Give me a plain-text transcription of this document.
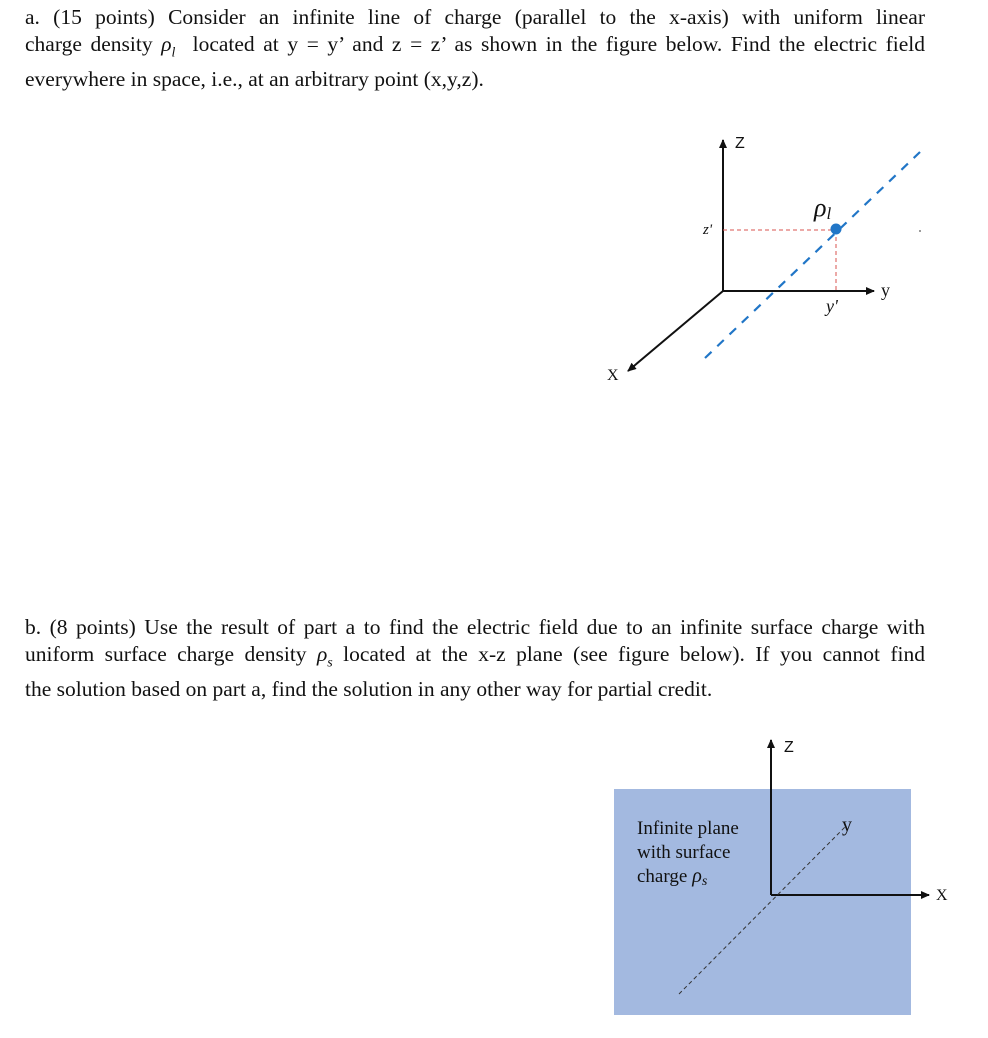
a. (15 points) Consider an infinite line of charge (parallel to the x-axis) with uniform linear
charge density $\rho_l$ located at y = y’ and z = z’ as shown in the figure below. Find the electric field
everywhere in space, i.e., at an arbitrary point (x,y,z).
Z
y
X
z'
y'
ρl
b. (8 points) Use the result of part a to find the electric field due to an infinite surface charge with
uniform surface charge density $\rho_s$ located at the x-z plane (see figure below). If you cannot find
the solution based on part a, find the solution in any other way for partial credit.
Z
y
X
Infinite plane
with surface
charge ρs
